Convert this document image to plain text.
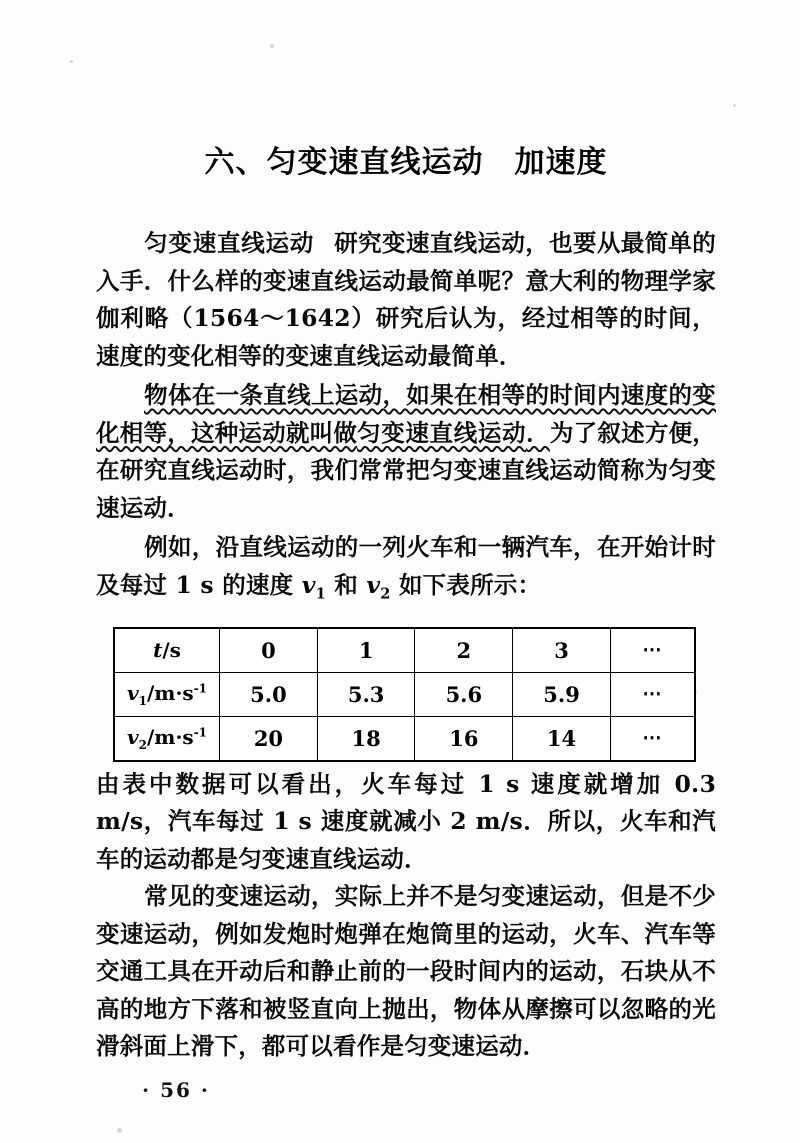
六、匀变速直线运动　加速度

匀变速直线运动 研究变速直线运动，也要从最简单的入手．什么样的变速直线运动最简单呢？意大利的物理学家伽利略（1564～1642）研究后认为，经过相等的时间，速度的变化相等的变速直线运动最简单．

物体在一条直线上运动，如果在相等的时间内速度的变化相等，这种运动就叫做匀变速直线运动．为了叙述方便，在研究直线运动时，我们常常把匀变速直线运动简称为匀变速运动．

例如，沿直线运动的一列火车和一辆汽车，在开始计时及每过 1 s 的速度 $v_1$ 和 $v_2$ 如下表所示：

t/s	0	1	2	3	⋯
$v_1/m\cdot s^{-1}$	5.0	5.3	5.6	5.9	⋯
$v_2/m\cdot s^{-1}$	20	18	16	14	⋯

由表中数据可以看出，火车每过 1 s 速度就增加 0.3 m/s，汽车每过 1 s 速度就减小 2 m/s．所以，火车和汽车的运动都是匀变速直线运动．

常见的变速运动，实际上并不是匀变速运动，但是不少变速运动，例如发炮时炮弹在炮筒里的运动，火车、汽车等交通工具在开动后和静止前的一段时间内的运动，石块从不高的地方下落和被竖直向上抛出，物体从摩擦可以忽略的光滑斜面上滑下，都可以看作是匀变速运动．

· 56 ·
